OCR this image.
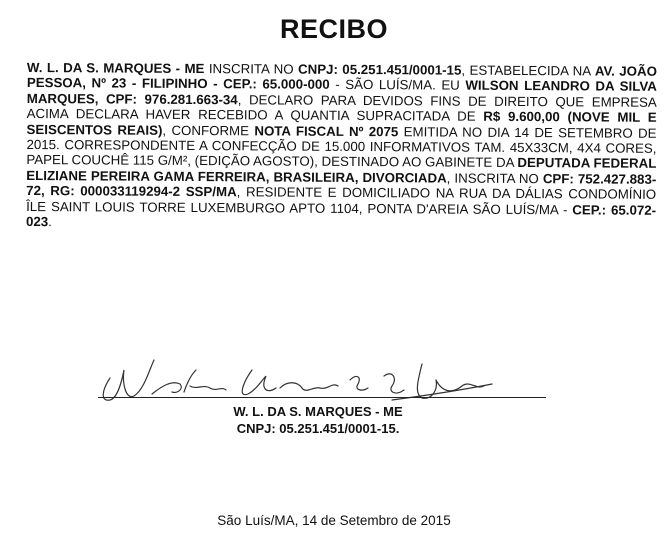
RECIBO
W. L. DA S. MARQUES - ME INSCRITA NO CNPJ: 05.251.451/0001-15, ESTABELECIDA NA AV. JOÃO PESSOA, Nº 23 - FILIPINHO - CEP.: 65.000-000 - SÃO LUÍS/MA. EU WILSON LEANDRO DA SILVA MARQUES, CPF: 976.281.663-34, DECLARO PARA DEVIDOS FINS DE DIREITO QUE EMPRESA ACIMA DECLARA HAVER RECEBIDO A QUANTIA SUPRACITADA DE R$ 9.600,00 (NOVE MIL E SEISCENTOS REAIS), CONFORME NOTA FISCAL Nº 2075 EMITIDA NO DIA 14 DE SETEMBRO DE 2015. CORRESPONDENTE A CONFECÇÃO DE 15.000 INFORMATIVOS TAM. 45X33CM, 4X4 CORES, PAPEL COUCHÊ 115 G/M², (EDIÇÃO AGOSTO), DESTINADO AO GABINETE DA DEPUTADA FEDERAL ELIZIANE PEREIRA GAMA FERREIRA, BRASILEIRA, DIVORCIADA, INSCRITA NO CPF: 752.427.883-72, RG: 000033119294-2 SSP/MA, RESIDENTE E DOMICILIADO NA RUA DA DÁLIAS CONDOMÍNIO ÎLE SAINT LOUIS TORRE LUXEMBURGO APTO 1104, PONTA D'AREIA SÃO LUÍS/MA - CEP.: 65.072-023.
W. L. DA S. MARQUES - ME
CNPJ: 05.251.451/0001-15.
São Luís/MA, 14 de Setembro de 2015
